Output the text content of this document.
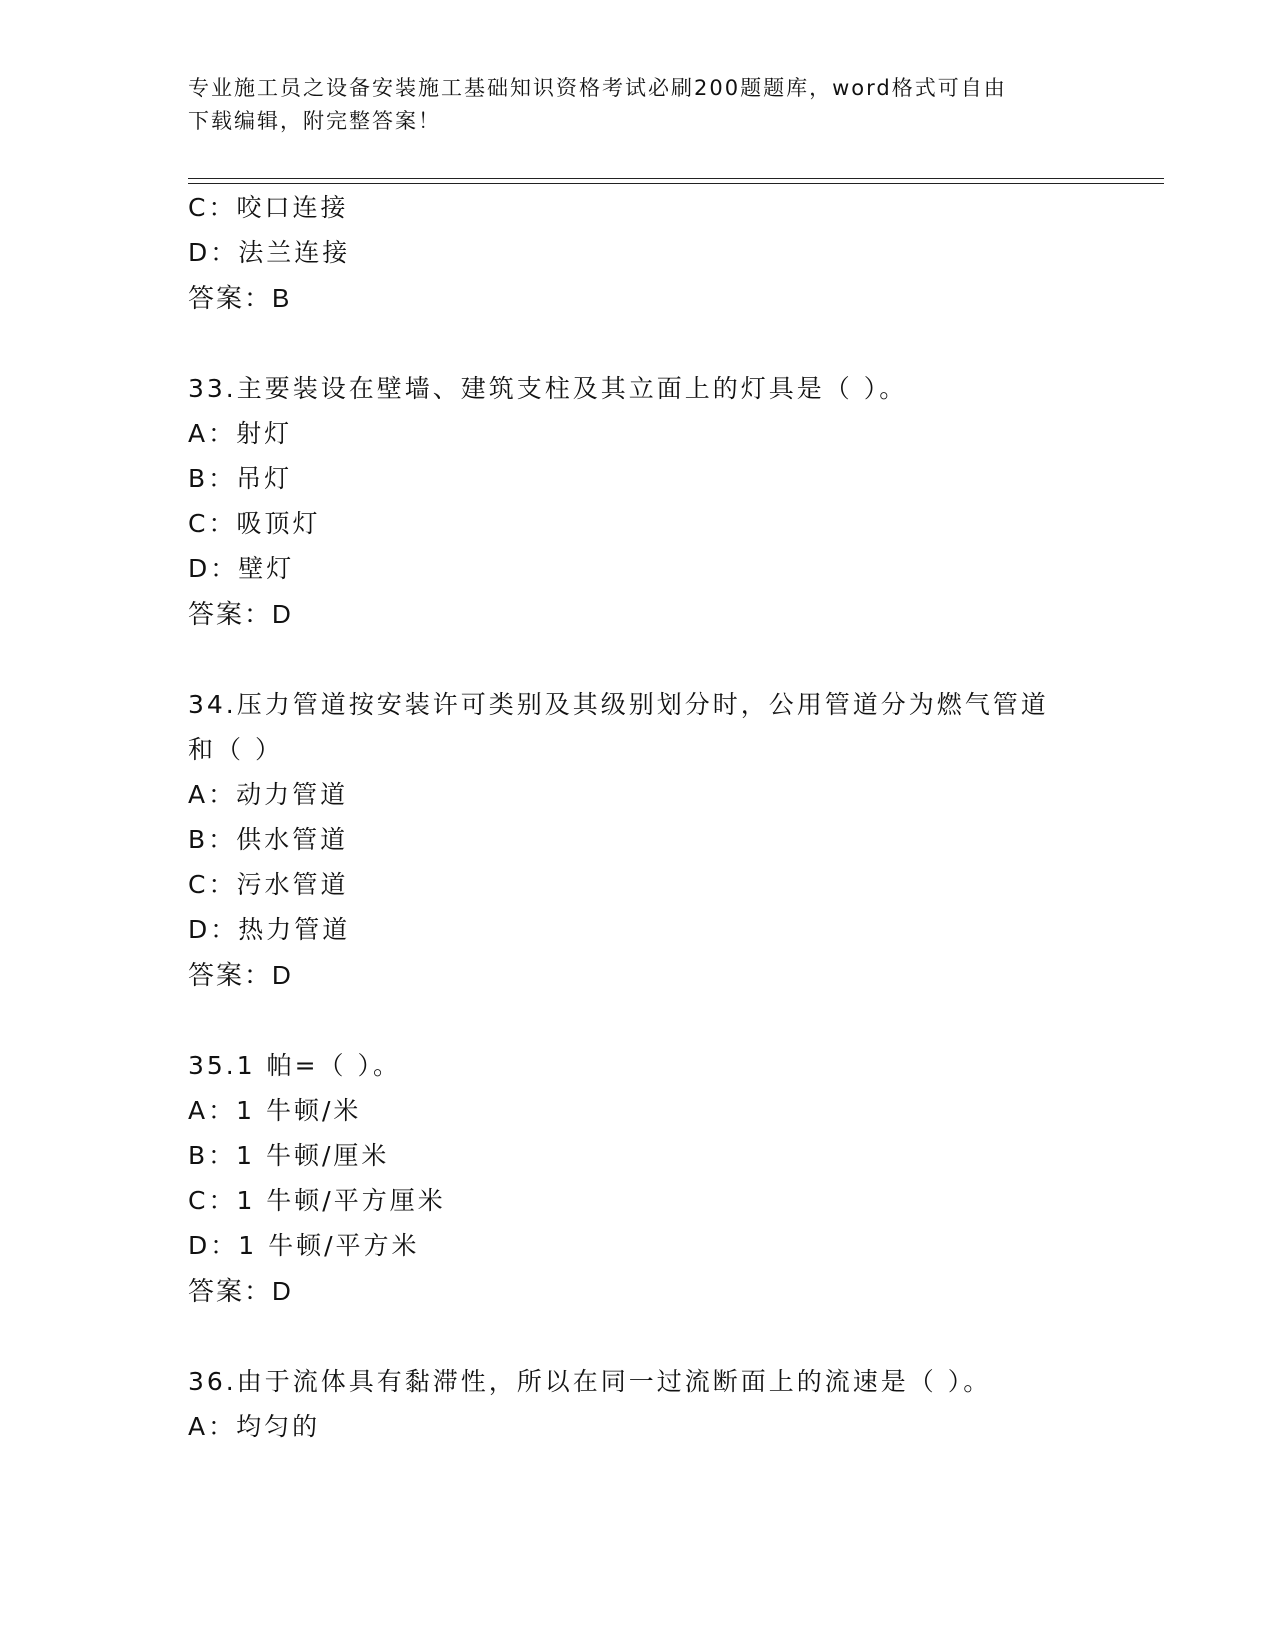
专业施工员之设备安装施工基础知识资格考试必刷200题题库，word格式可自由
下载编辑，附完整答案！
C：咬口连接
D：法兰连接
答案：B
33.主要装设在壁墙、建筑支柱及其立面上的灯具是（ ）。
A：射灯
B：吊灯
C：吸顶灯
D：壁灯
答案：D
34.压力管道按安装许可类别及其级别划分时，公用管道分为燃气管道
和（ ）
A：动力管道
B：供水管道
C：污水管道
D：热力管道
答案：D
35.1 帕=（ ）。
A：1 牛顿/米
B：1 牛顿/厘米
C：1 牛顿/平方厘米
D：1 牛顿/平方米
答案：D
36.由于流体具有黏滞性，所以在同一过流断面上的流速是（ ）。
A：均匀的
